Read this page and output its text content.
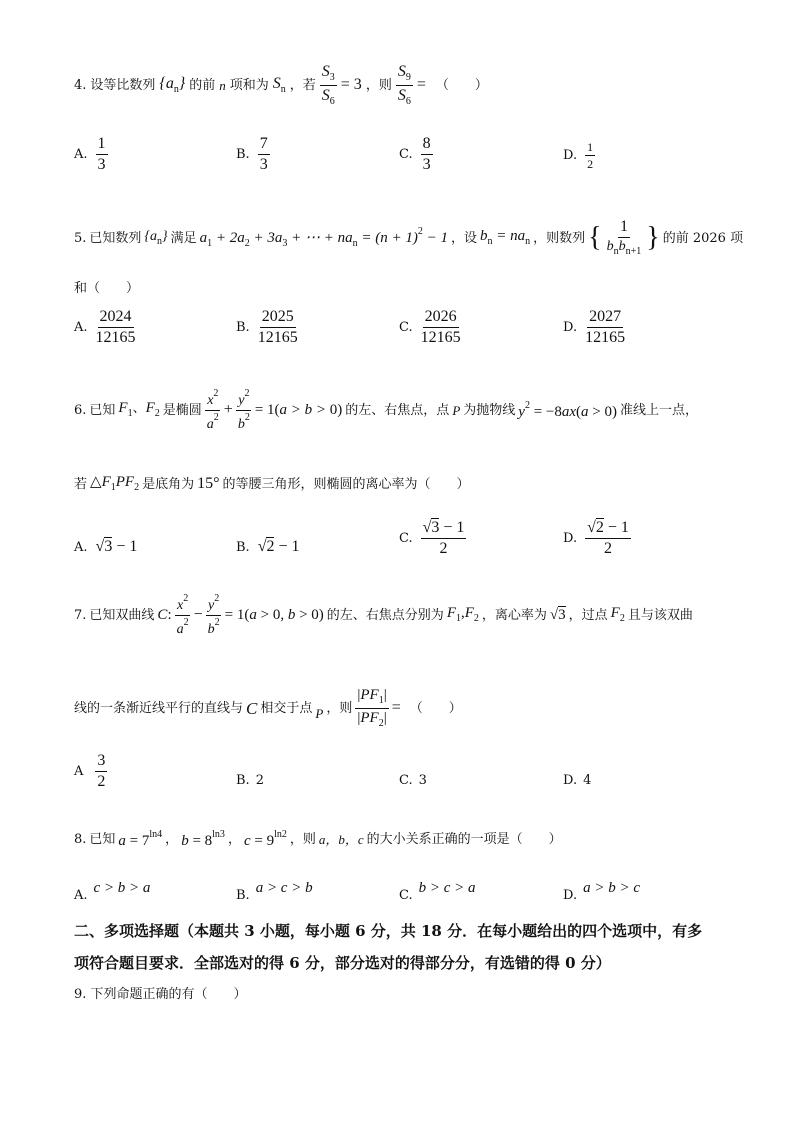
4. 设等比数列 $\{a_n\}$ 的前 n 项和为 $S_n$ ，若 $\frac{S_3}{S_6} = 3$ ，则 $\frac{S_9}{S_6}$ = （　　）
A. $\frac{1}{3}$	B. $\frac{7}{3}$	C. $\frac{8}{3}$	D. $\frac{1}{2}$
5. 已知数列 $\{a_n\}$ 满足 $a_1 + 2a_2 + 3a_3$ + ⋯ + $na_n = (n + 1)^2 - 1$ ，设 $b_n = na_n$ ，则数列 { $\frac{1}{b_nb_{n+1}}$ } 的前 2026 项
和（　　）
A. $\frac{2024}{12165}$	B. $\frac{2025}{12165}$	C. $\frac{2026}{12165}$	D. $\frac{2027}{12165}$
6. 已知 $F_1$、$F_2$ 是椭圆 $\frac{x^2}{a^2} + \frac{y^2}{b^2} = 1(a > b > 0)$ 的左、右焦点，点 P 为抛物线 $y^2 = -8ax(a > 0)$ 准线上一点，
若 $\triangle F_1PF_2$ 是底角为 15° 的等腰三角形，则椭圆的离心率为（　　）
A. √3 − 1	B. √2 − 1	C. $\frac{√3 - 1}{2}$	D. $\frac{√2 - 1}{2}$
7. 已知双曲线 C: $\frac{x^2}{a^2} - \frac{y^2}{b^2} = 1(a > 0$, b > 0) 的左、右焦点分别为 $F_1,F_2$ ，离心率为 √3 ，过点 $F_2$ 且与该双曲
线的一条渐近线平行的直线与 C 相交于点 P ，则 $\frac{|PF_1|}{|PF_2|}$ = （　　）
A $\frac{3}{2}$	B. 2	C. 3	D. 4
8. 已知 $a = 7^{ln4}$ ， $b = 8^{ln3}$ ， $c = 9^{ln2}$ ，则 a，b，c 的大小关系正确的一项是（　　）
A. c > b > a	B. a > c > b	C. b > c > a	D. a > b > c
二、多项选择题（本题共 3 小题，每小题 6 分，共 18 分．在每小题给出的四个选项中，有多
项符合题目要求．全部选对的得 6 分，部分选对的得部分分，有选错的得 0 分）
9. 下列命题正确的有（　　）
